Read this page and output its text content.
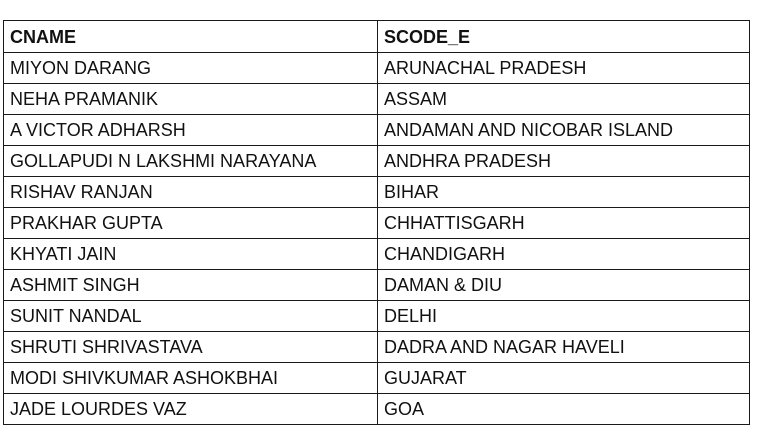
CNAME	SCODE_E
MIYON DARANG	ARUNACHAL PRADESH
NEHA PRAMANIK	ASSAM
A VICTOR ADHARSH	ANDAMAN AND NICOBAR ISLAND
GOLLAPUDI N LAKSHMI NARAYANA	ANDHRA PRADESH
RISHAV RANJAN	BIHAR
PRAKHAR GUPTA	CHHATTISGARH
KHYATI JAIN	CHANDIGARH
ASHMIT SINGH	DAMAN & DIU
SUNIT NANDAL	DELHI
SHRUTI SHRIVASTAVA	DADRA AND NAGAR HAVELI
MODI SHIVKUMAR ASHOKBHAI	GUJARAT
JADE LOURDES VAZ	GOA
